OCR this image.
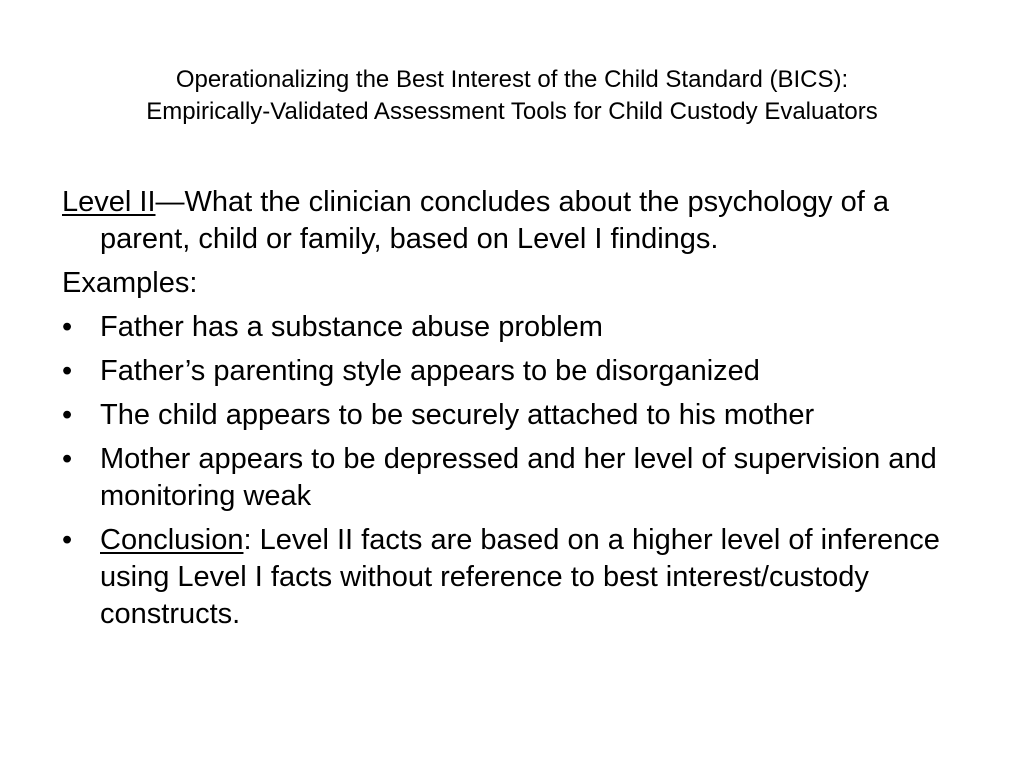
Operationalizing the Best Interest of the Child Standard (BICS):
Empirically-Validated Assessment Tools for Child Custody Evaluators

Level II—What the clinician concludes about the psychology of a parent, child or family, based on Level I findings.

Examples:

• Father has a substance abuse problem
• Father’s parenting style appears to be disorganized
• The child appears to be securely attached to his mother
• Mother appears to be depressed and her level of supervision and monitoring weak
• Conclusion: Level II facts are based on a higher level of inference using Level I facts without reference to best interest/custody constructs.
